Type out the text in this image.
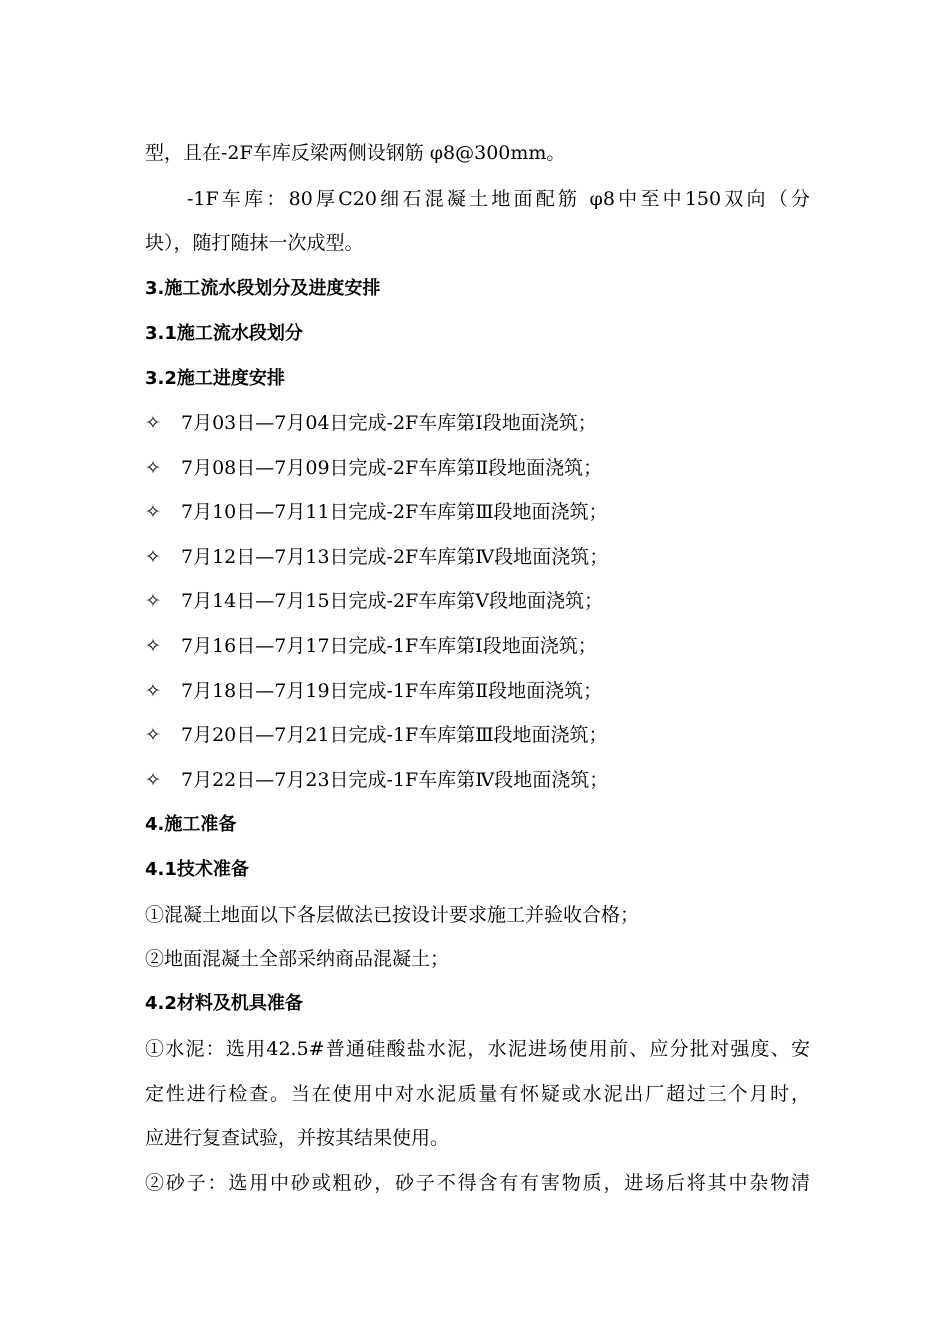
型，且在-2F车库反梁两侧设钢筋 φ8@300mm。
-1F车库：80厚C20细石混凝土地面配筋 φ8中至中150双向（分
块），随打随抹一次成型。
3.施工流水段划分及进度安排
3.1施工流水段划分
3.2施工进度安排
✧ 7月03日—7月04日完成-2F车库第Ⅰ段地面浇筑；
✧ 7月08日—7月09日完成-2F车库第Ⅱ段地面浇筑；
✧ 7月10日—7月11日完成-2F车库第Ⅲ段地面浇筑；
✧ 7月12日—7月13日完成-2F车库第Ⅳ段地面浇筑；
✧ 7月14日—7月15日完成-2F车库第Ⅴ段地面浇筑；
✧ 7月16日—7月17日完成-1F车库第Ⅰ段地面浇筑；
✧ 7月18日—7月19日完成-1F车库第Ⅱ段地面浇筑；
✧ 7月20日—7月21日完成-1F车库第Ⅲ段地面浇筑；
✧ 7月22日—7月23日完成-1F车库第Ⅳ段地面浇筑；
4.施工准备
4.1技术准备
①混凝土地面以下各层做法已按设计要求施工并验收合格；
②地面混凝土全部采纳商品混凝土；
4.2材料及机具准备
①水泥：选用42.5#普通硅酸盐水泥，水泥进场使用前、应分批对强度、安
定性进行检查。当在使用中对水泥质量有怀疑或水泥出厂超过三个月时，
应进行复查试验，并按其结果使用。
②砂子：选用中砂或粗砂，砂子不得含有有害物质，进场后将其中杂物清
